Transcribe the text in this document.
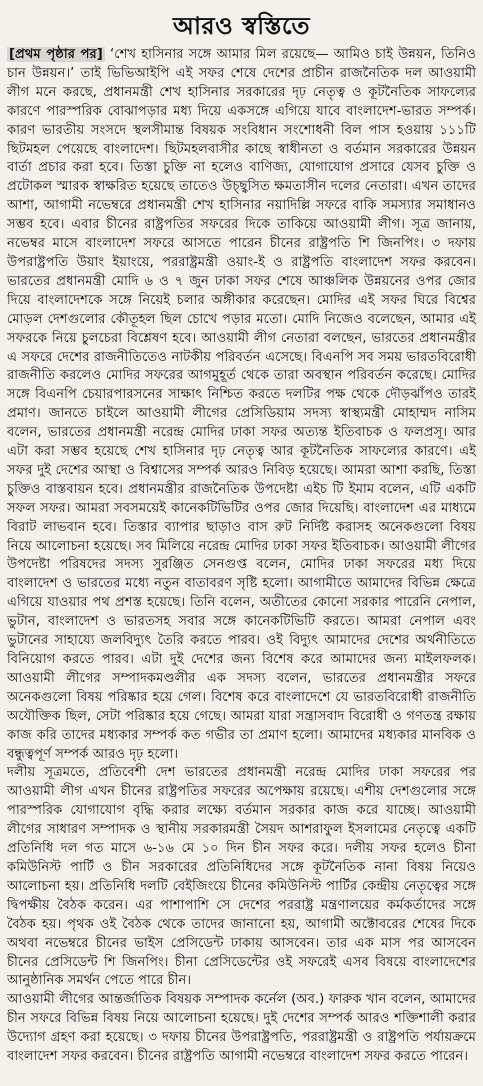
আরও স্বস্তিতে

[প্রথম পৃষ্ঠার পর] ‘শেখ হাসিনার সঙ্গে আমার মিল রয়েছে— আমিও চাই উন্নয়ন, তিনিও চান উন্নয়ন।’ তাই ভিভিআইপি এই সফর শেষে দেশের প্রাচীন রাজনৈতিক দল আওয়ামী লীগ মনে করছে, প্রধানমন্ত্রী শেখ হাসিনার সরকারের দৃঢ় নেতৃত্ব ও কূটনৈতিক সাফল্যের কারণে পারস্পরিক বোঝাপড়ার মধ্য দিয়ে একসঙ্গে এগিয়ে যাবে বাংলাদেশ-ভারত সম্পর্ক। কারণ ভারতীয় সংসদে স্থলসীমান্ত বিষয়ক সংবিধান সংশোধনী বিল পাস হওয়ায় ১১১টি ছিটমহল পেয়েছে বাংলাদেশ। ছিটমহলবাসীর কাছে স্বাধীনতা ও বর্তমান সরকারের উন্নয়ন বার্তা প্রচার করা হবে। তিস্তা চুক্তি না হলেও বাণিজ্য, যোগাযোগ প্রসারে যেসব চুক্তি ও প্রটোকল স্মারক স্বাক্ষরিত হয়েছে তাতেও উচ্ছ্বসিত ক্ষমতাসীন দলের নেতারা। এখন তাদের আশা, আগামী নভেম্বরে প্রধানমন্ত্রী শেখ হাসিনার নয়াদিল্লি সফরে বাকি সমস্যার সমাধানও সম্ভব হবে। এবার চীনের রাষ্ট্রপতির সফরের দিকে তাকিয়ে আওয়ামী লীগ। সূত্র জানায়, নভেম্বর মাসে বাংলাদেশ সফরে আসতে পারেন চীনের রাষ্ট্রপতি শি জিনপিং। ৩ দফায় উপরাষ্ট্রপতি উয়াং ইয়াংয়ে, পররাষ্ট্রমন্ত্রী ওয়াং-ই ও রাষ্ট্রপতি বাংলাদেশ সফর করবেন। ভারতের প্রধানমন্ত্রী মোদি ৬ ও ৭ জুন ঢাকা সফর শেষে আঞ্চলিক উন্নয়নের ওপর জোর দিয়ে বাংলাদেশকে সঙ্গে নিয়েই চলার অঙ্গীকার করেছেন। মোদির এই সফর ঘিরে বিশ্বের মোড়ল দেশগুলোর কৌতূহল ছিল চোখে পড়ার মতো। মোদি নিজেও বলেছেন, আমার এই সফরকে নিয়ে চুলচেরা বিশ্লেষণ হবে। আওয়ামী লীগ নেতারা বলছেন, ভারতের প্রধানমন্ত্রীর এ সফরে দেশের রাজনীতিতেও নাটকীয় পরিবর্তন এসেছে। বিএনপি সব সময় ভারতবিরোধী রাজনীতি করলেও মোদির সফরের আগমুহূর্ত থেকে তারা অবস্থান পরিবর্তন করেছে। মোদির সঙ্গে বিএনপি চেয়ারপারসনের সাক্ষাৎ নিশ্চিত করতে দলটির পক্ষ থেকে দৌড়ঝাঁপও তারই প্রমাণ। জানতে চাইলে আওয়ামী লীগের প্রেসিডিয়াম সদস্য স্বাস্থ্যমন্ত্রী মোহাম্মদ নাসিম বলেন, ভারতের প্রধানমন্ত্রী নরেন্দ্র মোদির ঢাকা সফর অত্যন্ত ইতিবাচক ও ফলপ্রসূ। আর এটা করা সম্ভব হয়েছে শেখ হাসিনার দৃঢ় নেতৃত্ব আর কূটনৈতিক সাফল্যের কারণে। এই সফর দুই দেশের আস্থা ও বিশ্বাসের সম্পর্ক আরও নিবিড় হয়েছে। আমরা আশা করছি, তিস্তা চুক্তিও বাস্তবায়ন হবে। প্রধানমন্ত্রীর রাজনৈতিক উপদেষ্টা এইচ টি ইমাম বলেন, এটি একটি সফল সফর। আমরা সবসময়েই কানেকটিভিটির ওপর জোর দিয়েছি। বাংলাদেশ এর মাধ্যমে বিরাট লাভবান হবে। তিস্তার ব্যাপার ছাড়াও বাস রুট নির্দিষ্ট করাসহ অনেকগুলো বিষয় নিয়ে আলোচনা হয়েছে। সব মিলিয়ে নরেন্দ্র মোদির ঢাকা সফর ইতিবাচক। আওয়ামী লীগের উপদেষ্টা পরিষদের সদস্য সুরঞ্জিত সেনগুপ্ত বলেন, মোদির ঢাকা সফরের মধ্য দিয়ে বাংলাদেশ ও ভারতের মধ্যে নতুন বাতাবরণ সৃষ্টি হলো। আগামীতে আমাদের বিভিন্ন ক্ষেত্রে এগিয়ে যাওয়ার পথ প্রশস্ত হয়েছে। তিনি বলেন, অতীতের কোনো সরকার পারেনি নেপাল, ভুটান, বাংলাদেশ ও ভারতসহ সবার সঙ্গে কানেকটিভিটি করতে। আমরা নেপাল এবং ভুটানের সাহায্যে জলবিদ্যুৎ তৈরি করতে পারব। ওই বিদ্যুৎ আমাদের দেশের অর্থনীতিতে বিনিয়োগ করতে পারব। এটা দুই দেশের জন্য বিশেষ করে আমাদের জন্য মাইলফলক। আওয়ামী লীগের সম্পাদকমণ্ডলীর এক সদস্য বলেন, ভারতের প্রধানমন্ত্রীর সফরে অনেকগুলো বিষয় পরিষ্কার হয়ে গেল। বিশেষ করে বাংলাদেশে যে ভারতবিরোধী রাজনীতি অযৌক্তিক ছিল, সেটা পরিষ্কার হয়ে গেছে। আমরা যারা সন্ত্রাসবাদ বিরোধী ও গণতন্ত্র রক্ষায় কাজ করি তাদের মধ্যকার সম্পর্ক কত গভীর তা প্রমাণ হলো। আমাদের মধ্যকার মানবিক ও বন্ধুত্বপূর্ণ সম্পর্ক আরও দৃঢ় হলো।

দলীয় সূত্রমতে, প্রতিবেশী দেশ ভারতের প্রধানমন্ত্রী নরেন্দ্র মোদির ঢাকা সফরের পর আওয়ামী লীগ এখন চীনের রাষ্ট্রপতির সফরের অপেক্ষায় রয়েছে। এশীয় দেশগুলোর সঙ্গে পারস্পরিক যোগাযোগ বৃদ্ধি করার লক্ষ্যে বর্তমান সরকার কাজ করে যাচ্ছে। আওয়ামী লীগের সাধারণ সম্পাদক ও স্থানীয় সরকারমন্ত্রী সৈয়দ আশরাফুল ইসলামের নেতৃত্বে একটি প্রতিনিধি দল গত মাসে ৬-১৬ মে ১০ দিন চীন সফর করে। দলীয় সফর হলেও চীনা কমিউনিস্ট পার্টি ও চীন সরকারের প্রতিনিধিদের সঙ্গে কূটনৈতিক নানা বিষয় নিয়েও আলোচনা হয়। প্রতিনিধি দলটি বেইজিংয়ে চীনের কমিউনিস্ট পার্টির কেন্দ্রীয় নেতৃত্বের সঙ্গে দ্বিপক্ষীয় বৈঠক করেন। এর পাশাপাশি সে দেশের পররাষ্ট্র মন্ত্রণালয়ের কর্মকর্তাদের সঙ্গে বৈঠক হয়। পৃথক ওই বৈঠক থেকে তাদের জানানো হয়, আগামী অক্টোবরের শেষের দিকে অথবা নভেম্বরে চীনের ভাইস প্রেসিডেন্ট ঢাকায় আসবেন। তার এক মাস পর আসবেন চীনের প্রেসিডেন্ট শি জিনপিং। চীনা প্রেসিডেন্টের ওই সফরেই এসব বিষয়ে বাংলাদেশের আনুষ্ঠানিক সমর্থন পেতে পারে চীন।

আওয়ামী লীগের আন্তর্জাতিক বিষয়ক সম্পাদক কর্নেল (অব.) ফারুক খান বলেন, আমাদের চীন সফরে বিভিন্ন বিষয় নিয়ে আলোচনা হয়েছে। দুই দেশের সম্পর্ক আরও শক্তিশালী করার উদ্যোগ গ্রহণ করা হয়েছে। ৩ দফায় চীনের উপরাষ্ট্রপতি, পররাষ্ট্রমন্ত্রী ও রাষ্ট্রপতি পর্যায়ক্রমে বাংলাদেশ সফর করবেন। চীনের রাষ্ট্রপতি আগামী নভেম্বরে বাংলাদেশ সফর করতে পারেন।
